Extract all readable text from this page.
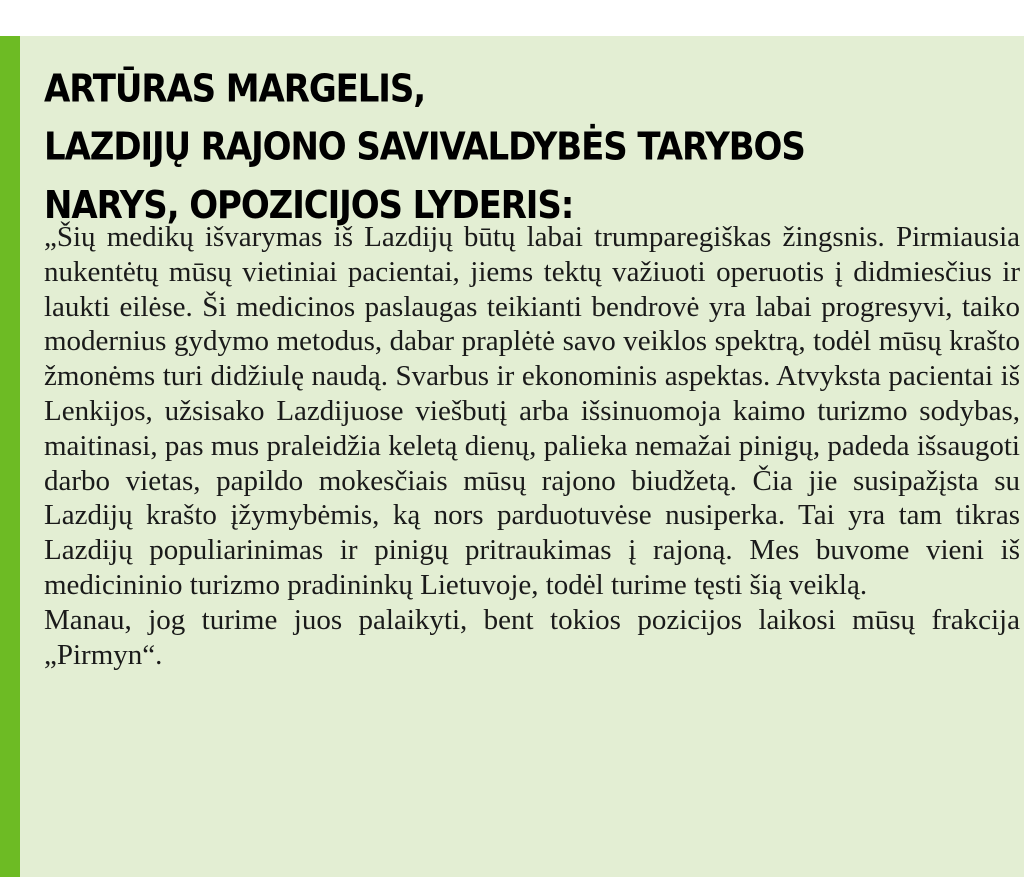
ARTŪRAS MARGELIS,
LAZDIJŲ RAJONO SAVIVALDYBĖS TARYBOS
NARYS, OPOZICIJOS LYDERIS:

„Šių medikų išvarymas iš Lazdijų būtų labai trumparegiškas žingsnis. Pirmiausia nukentėtų mūsų vietiniai pacientai, jiems tektų važiuoti operuotis į didmiesčius ir laukti eilėse. Ši medicinos paslaugas teikianti bendrovė yra labai progresyvi, taiko modernius gydymo metodus, dabar praplėtė savo veiklos spektrą, todėl mūsų krašto žmonėms turi didžiulę naudą. Svarbus ir ekonominis aspektas. Atvyksta pacientai iš Lenkijos, užsisako Lazdijuose viešbutį arba išsinuomoja kaimo turizmo sodybas, maitinasi, pas mus praleidžia keletą dienų, palieka nemažai pinigų, padeda išsaugoti darbo vietas, papildo mokesčiais mūsų rajono biudžetą. Čia jie susipažįsta su Lazdijų krašto įžymybėmis, ką nors parduotuvėse nusiperka. Tai yra tam tikras Lazdijų populiarinimas ir pinigų pritraukimas į rajoną. Mes buvome vieni iš medicininio turizmo pradininkų Lietuvoje, todėl turime tęsti šią veiklą.

Manau, jog turime juos palaikyti, bent tokios pozicijos laikosi mūsų frakcija „Pirmyn“.
